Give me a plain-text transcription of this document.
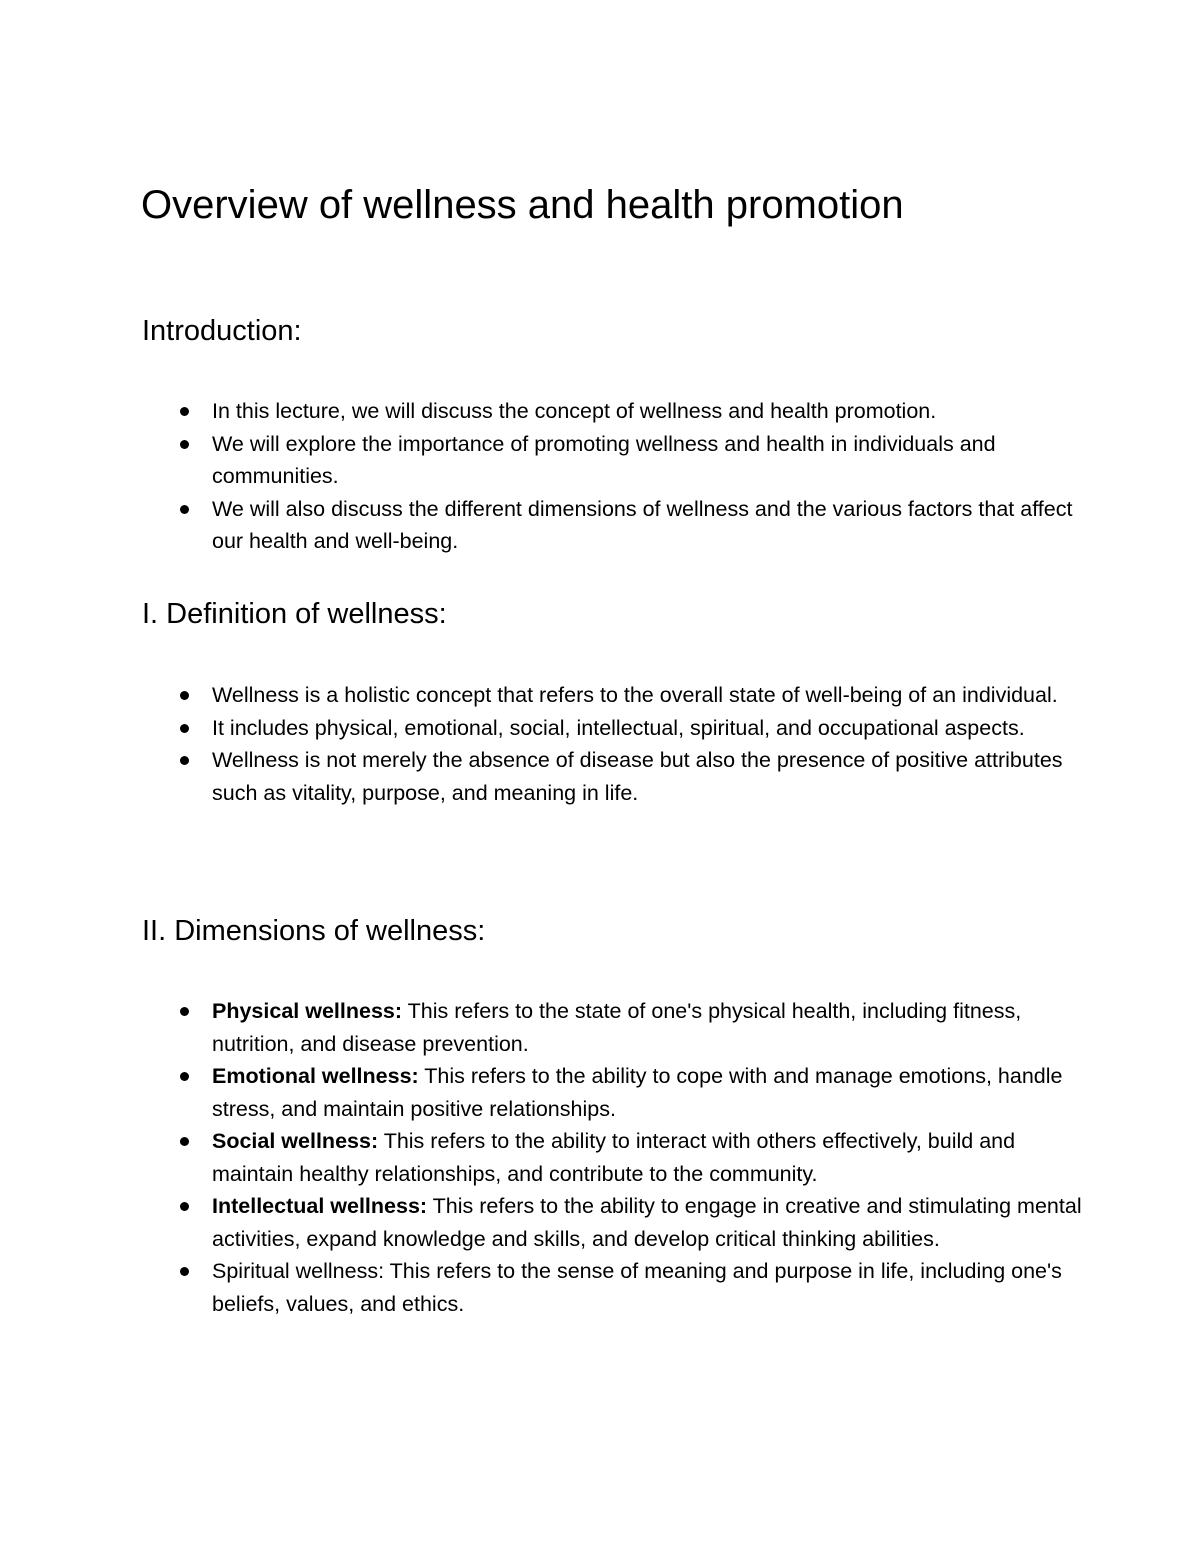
Overview of wellness and health promotion
Introduction:
In this lecture, we will discuss the concept of wellness and health promotion.
We will explore the importance of promoting wellness and health in individuals and communities.
We will also discuss the different dimensions of wellness and the various factors that affect our health and well-being.
I. Definition of wellness:
Wellness is a holistic concept that refers to the overall state of well-being of an individual.
It includes physical, emotional, social, intellectual, spiritual, and occupational aspects.
Wellness is not merely the absence of disease but also the presence of positive attributes such as vitality, purpose, and meaning in life.
II. Dimensions of wellness:
Physical wellness: This refers to the state of one's physical health, including fitness, nutrition, and disease prevention.
Emotional wellness: This refers to the ability to cope with and manage emotions, handle stress, and maintain positive relationships.
Social wellness: This refers to the ability to interact with others effectively, build and maintain healthy relationships, and contribute to the community.
Intellectual wellness: This refers to the ability to engage in creative and stimulating mental activities, expand knowledge and skills, and develop critical thinking abilities.
Spiritual wellness: This refers to the sense of meaning and purpose in life, including one's beliefs, values, and ethics.
